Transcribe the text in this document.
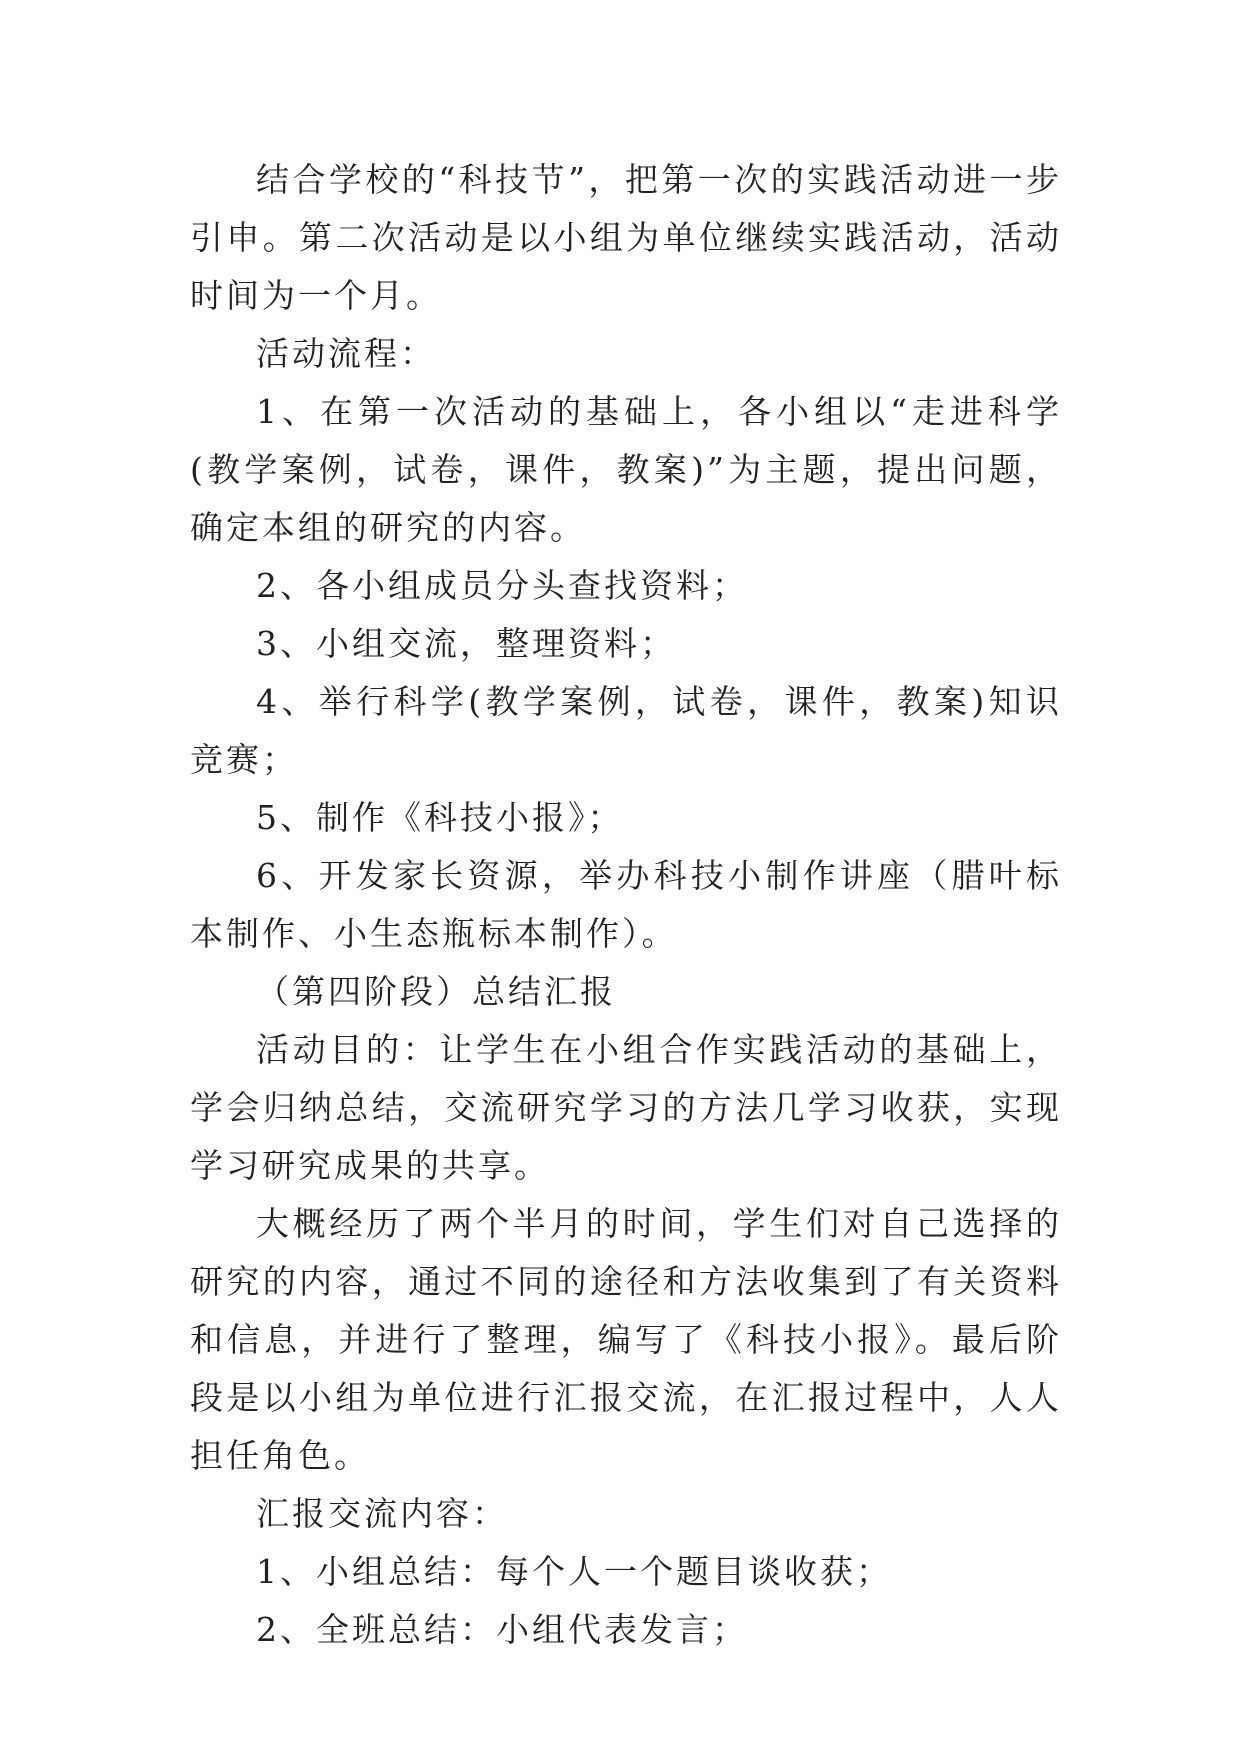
结合学校的“科技节”，把第一次的实践活动进一步引申。第二次活动是以小组为单位继续实践活动，活动时间为一个月。

活动流程：

1、在第一次活动的基础上，各小组以“走进科学(教学案例，试卷，课件，教案)”为主题，提出问题，确定本组的研究的内容。

2、各小组成员分头查找资料；

3、小组交流，整理资料；

4、举行科学(教学案例，试卷，课件，教案)知识竞赛；

5、制作《科技小报》；

6、开发家长资源，举办科技小制作讲座（腊叶标本制作、小生态瓶标本制作）。

（第四阶段）总结汇报

活动目的：让学生在小组合作实践活动的基础上，学会归纳总结，交流研究学习的方法几学习收获，实现学习研究成果的共享。

大概经历了两个半月的时间，学生们对自己选择的研究的内容，通过不同的途径和方法收集到了有关资料和信息，并进行了整理，编写了《科技小报》。最后阶段是以小组为单位进行汇报交流，在汇报过程中，人人担任角色。

汇报交流内容：

1、小组总结：每个人一个题目谈收获；

2、全班总结：小组代表发言；
